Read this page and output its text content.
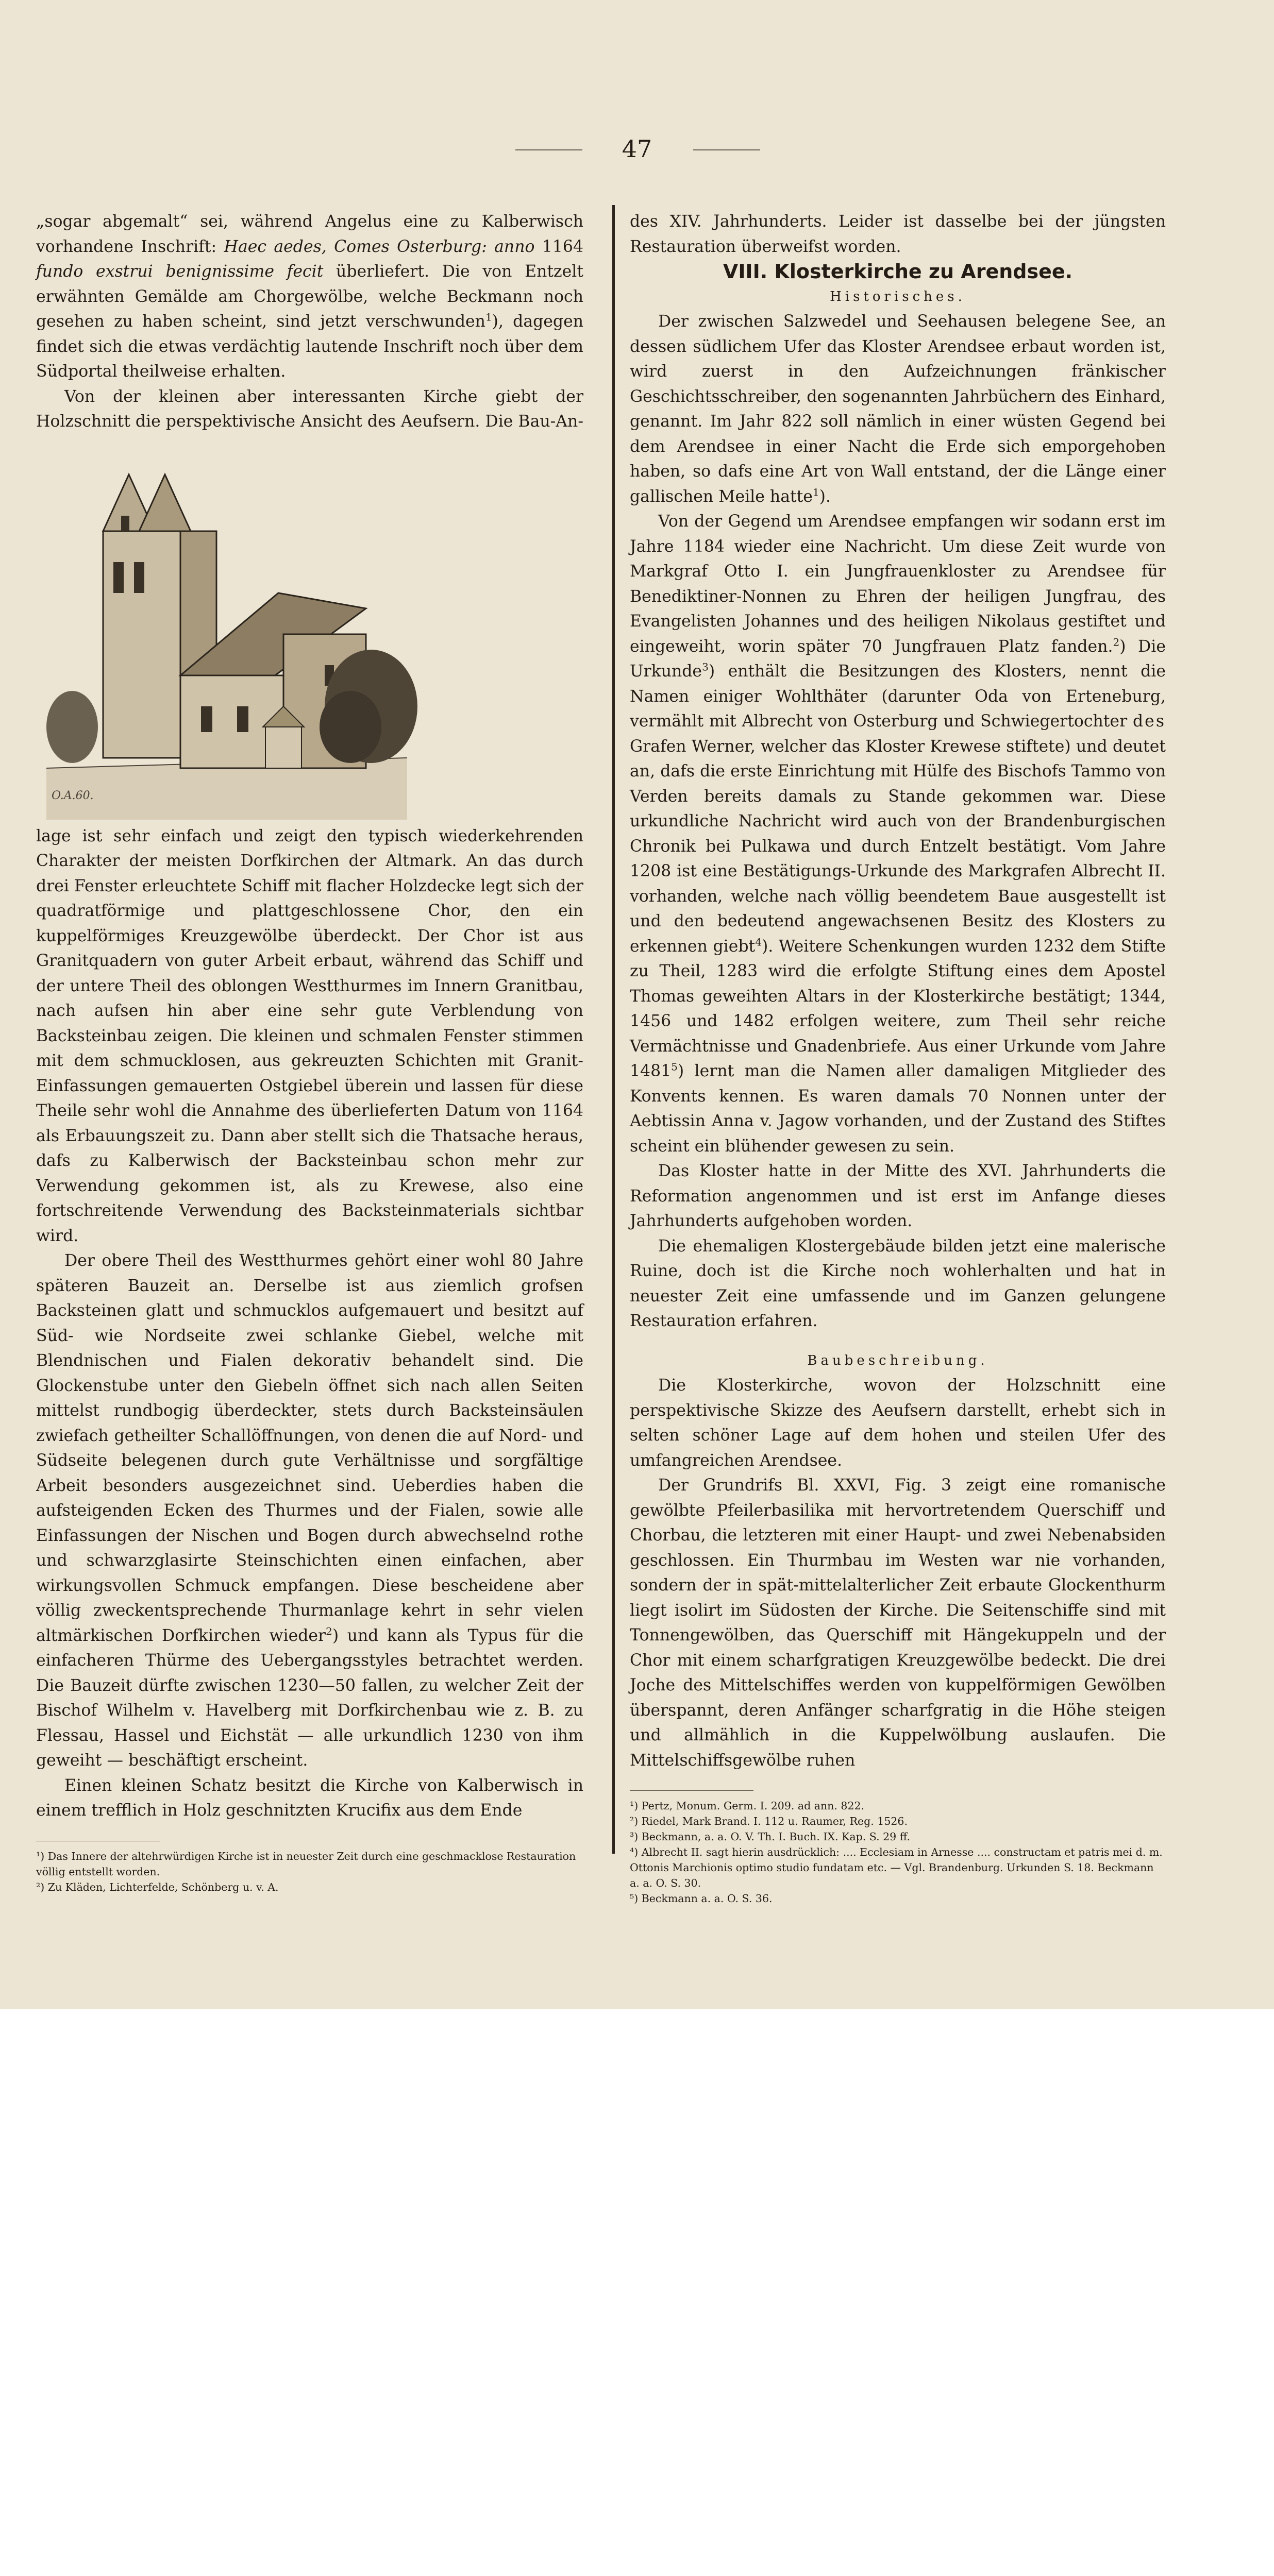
47

„sogar abgemalt“ sei, während Angelus eine zu Kalberwisch vorhandene Inschrift: Haec aedes, Comes Osterburg: anno 1164 fundo exstrui benignissime fecit überliefert. Die von Entzelt erwähnten Gemälde am Chorgewölbe, welche Beckmann noch gesehen zu haben scheint, sind jetzt verschwunden$^1$), dagegen findet sich die etwas verdächtig lautende Inschrift noch über dem Südportal theilweise erhalten.

Von der kleinen aber interessanten Kirche giebt der Holzschnitt die perspektivische Ansicht des Aeufsern. Die Bau-An-

O.A.60.

lage ist sehr einfach und zeigt den typisch wiederkehrenden Charakter der meisten Dorfkirchen der Altmark. An das durch drei Fenster erleuchtete Schiff mit flacher Holzdecke legt sich der quadratförmige und plattgeschlossene Chor, den ein kuppelförmiges Kreuzgewölbe überdeckt. Der Chor ist aus Granitquadern von guter Arbeit erbaut, während das Schiff und der untere Theil des oblongen Westthurmes im Innern Granitbau, nach aufsen hin aber eine sehr gute Verblendung von Backsteinbau zeigen. Die kleinen und schmalen Fenster stimmen mit dem schmucklosen, aus gekreuzten Schichten mit Granit-Einfassungen gemauerten Ostgiebel überein und lassen für diese Theile sehr wohl die Annahme des überlieferten Datum von 1164 als Erbauungszeit zu. Dann aber stellt sich die Thatsache heraus, dafs zu Kalberwisch der Backsteinbau schon mehr zur Verwendung gekommen ist, als zu Krewese, also eine fortschreitende Verwendung des Backsteinmaterials sichtbar wird.

Der obere Theil des Westthurmes gehört einer wohl 80 Jahre späteren Bauzeit an. Derselbe ist aus ziemlich grofsen Backsteinen glatt und schmucklos aufgemauert und besitzt auf Süd- wie Nordseite zwei schlanke Giebel, welche mit Blendnischen und Fialen dekorativ behandelt sind. Die Glockenstube unter den Giebeln öffnet sich nach allen Seiten mittelst rundbogig überdeckter, stets durch Backsteinsäulen zwiefach getheilter Schallöffnungen, von denen die auf Nord- und Südseite belegenen durch gute Verhältnisse und sorgfältige Arbeit besonders ausgezeichnet sind. Ueberdies haben die aufsteigenden Ecken des Thurmes und der Fialen, sowie alle Einfassungen der Nischen und Bogen durch abwechselnd rothe und schwarzglasirte Steinschichten einen einfachen, aber wirkungsvollen Schmuck empfangen. Diese bescheidene aber völlig zweckentsprechende Thurmanlage kehrt in sehr vielen altmärkischen Dorfkirchen wieder$^2$) und kann als Typus für die einfacheren Thürme des Uebergangsstyles betrachtet werden. Die Bauzeit dürfte zwischen 1230—50 fallen, zu welcher Zeit der Bischof Wilhelm v. Havelberg mit Dorfkirchenbau wie z. B. zu Flessau, Hassel und Eichstät — alle urkundlich 1230 von ihm geweiht — beschäftigt erscheint.

Einen kleinen Schatz besitzt die Kirche von Kalberwisch in einem trefflich in Holz geschnitzten Krucifix aus dem Ende

¹) Das Innere der altehrwürdigen Kirche ist in neuester Zeit durch eine geschmacklose Restauration völlig entstellt worden.

²) Zu Kläden, Lichterfelde, Schönberg u. v. A.

des XIV. Jahrhunderts. Leider ist dasselbe bei der jüngsten Restauration überweifst worden.

VIII. Klosterkirche zu Arendsee.

Historisches.

Der zwischen Salzwedel und Seehausen belegene See, an dessen südlichem Ufer das Kloster Arendsee erbaut worden ist, wird zuerst in den Aufzeichnungen fränkischer Geschichtsschreiber, den sogenannten Jahrbüchern des Einhard, genannt. Im Jahr 822 soll nämlich in einer wüsten Gegend bei dem Arendsee in einer Nacht die Erde sich emporgehoben haben, so dafs eine Art von Wall entstand, der die Länge einer gallischen Meile hatte$^1$).

Von der Gegend um Arendsee empfangen wir sodann erst im Jahre 1184 wieder eine Nachricht. Um diese Zeit wurde von Markgraf Otto I. ein Jungfrauenkloster zu Arendsee für Benediktiner-Nonnen zu Ehren der heiligen Jungfrau, des Evangelisten Johannes und des heiligen Nikolaus gestiftet und eingeweiht, worin später 70 Jungfrauen Platz fanden.$^2$) Die Urkunde$^3$) enthält die Besitzungen des Klosters, nennt die Namen einiger Wohlthäter (darunter Oda von Erteneburg, vermählt mit Albrecht von Osterburg und Schwiegertochter des Grafen Werner, welcher das Kloster Krewese stiftete) und deutet an, dafs die erste Einrichtung mit Hülfe des Bischofs Tammo von Verden bereits damals zu Stande gekommen war. Diese urkundliche Nachricht wird auch von der Brandenburgischen Chronik bei Pulkawa und durch Entzelt bestätigt. Vom Jahre 1208 ist eine Bestätigungs-Urkunde des Markgrafen Albrecht II. vorhanden, welche nach völlig beendetem Baue ausgestellt ist und den bedeutend angewachsenen Besitz des Klosters zu erkennen giebt$^4$). Weitere Schenkungen wurden 1232 dem Stifte zu Theil, 1283 wird die erfolgte Stiftung eines dem Apostel Thomas geweihten Altars in der Klosterkirche bestätigt; 1344, 1456 und 1482 erfolgen weitere, zum Theil sehr reiche Vermächtnisse und Gnadenbriefe. Aus einer Urkunde vom Jahre 1481$^5$) lernt man die Namen aller damaligen Mitglieder des Konvents kennen. Es waren damals 70 Nonnen unter der Aebtissin Anna v. Jagow vorhanden, und der Zustand des Stiftes scheint ein blühender gewesen zu sein.

Das Kloster hatte in der Mitte des XVI. Jahrhunderts die Reformation angenommen und ist erst im Anfange dieses Jahrhunderts aufgehoben worden.

Die ehemaligen Klostergebäude bilden jetzt eine malerische Ruine, doch ist die Kirche noch wohlerhalten und hat in neuester Zeit eine umfassende und im Ganzen gelungene Restauration erfahren.

Baubeschreibung.

Die Klosterkirche, wovon der Holzschnitt eine perspektivische Skizze des Aeufsern darstellt, erhebt sich in selten schöner Lage auf dem hohen und steilen Ufer des umfangreichen Arendsee.

Der Grundrifs Bl. XXVI, Fig. 3 zeigt eine romanische gewölbte Pfeilerbasilika mit hervortretendem Querschiff und Chorbau, die letzteren mit einer Haupt- und zwei Nebenabsiden geschlossen. Ein Thurmbau im Westen war nie vorhanden, sondern der in spät-mittelalterlicher Zeit erbaute Glockenthurm liegt isolirt im Südosten der Kirche. Die Seitenschiffe sind mit Tonnengewölben, das Querschiff mit Hängekuppeln und der Chor mit einem scharfgratigen Kreuzgewölbe bedeckt. Die drei Joche des Mittelschiffes werden von kuppelförmigen Gewölben überspannt, deren Anfänger scharfgratig in die Höhe steigen und allmählich in die Kuppelwölbung auslaufen. Die Mittelschiffsgewölbe ruhen

¹) Pertz, Monum. Germ. I. 209. ad ann. 822.

²) Riedel, Mark Brand. I. 112 u. Raumer, Reg. 1526.

³) Beckmann, a. a. O. V. Th. I. Buch. IX. Kap. S. 29 ff.

⁴) Albrecht II. sagt hierin ausdrücklich: .... Ecclesiam in Arnesse .... constructam et patris mei d. m. Ottonis Marchionis optimo studio fundatam etc. — Vgl. Brandenburg. Urkunden S. 18. Beckmann a. a. O. S. 30.

⁵) Beckmann a. a. O. S. 36.
